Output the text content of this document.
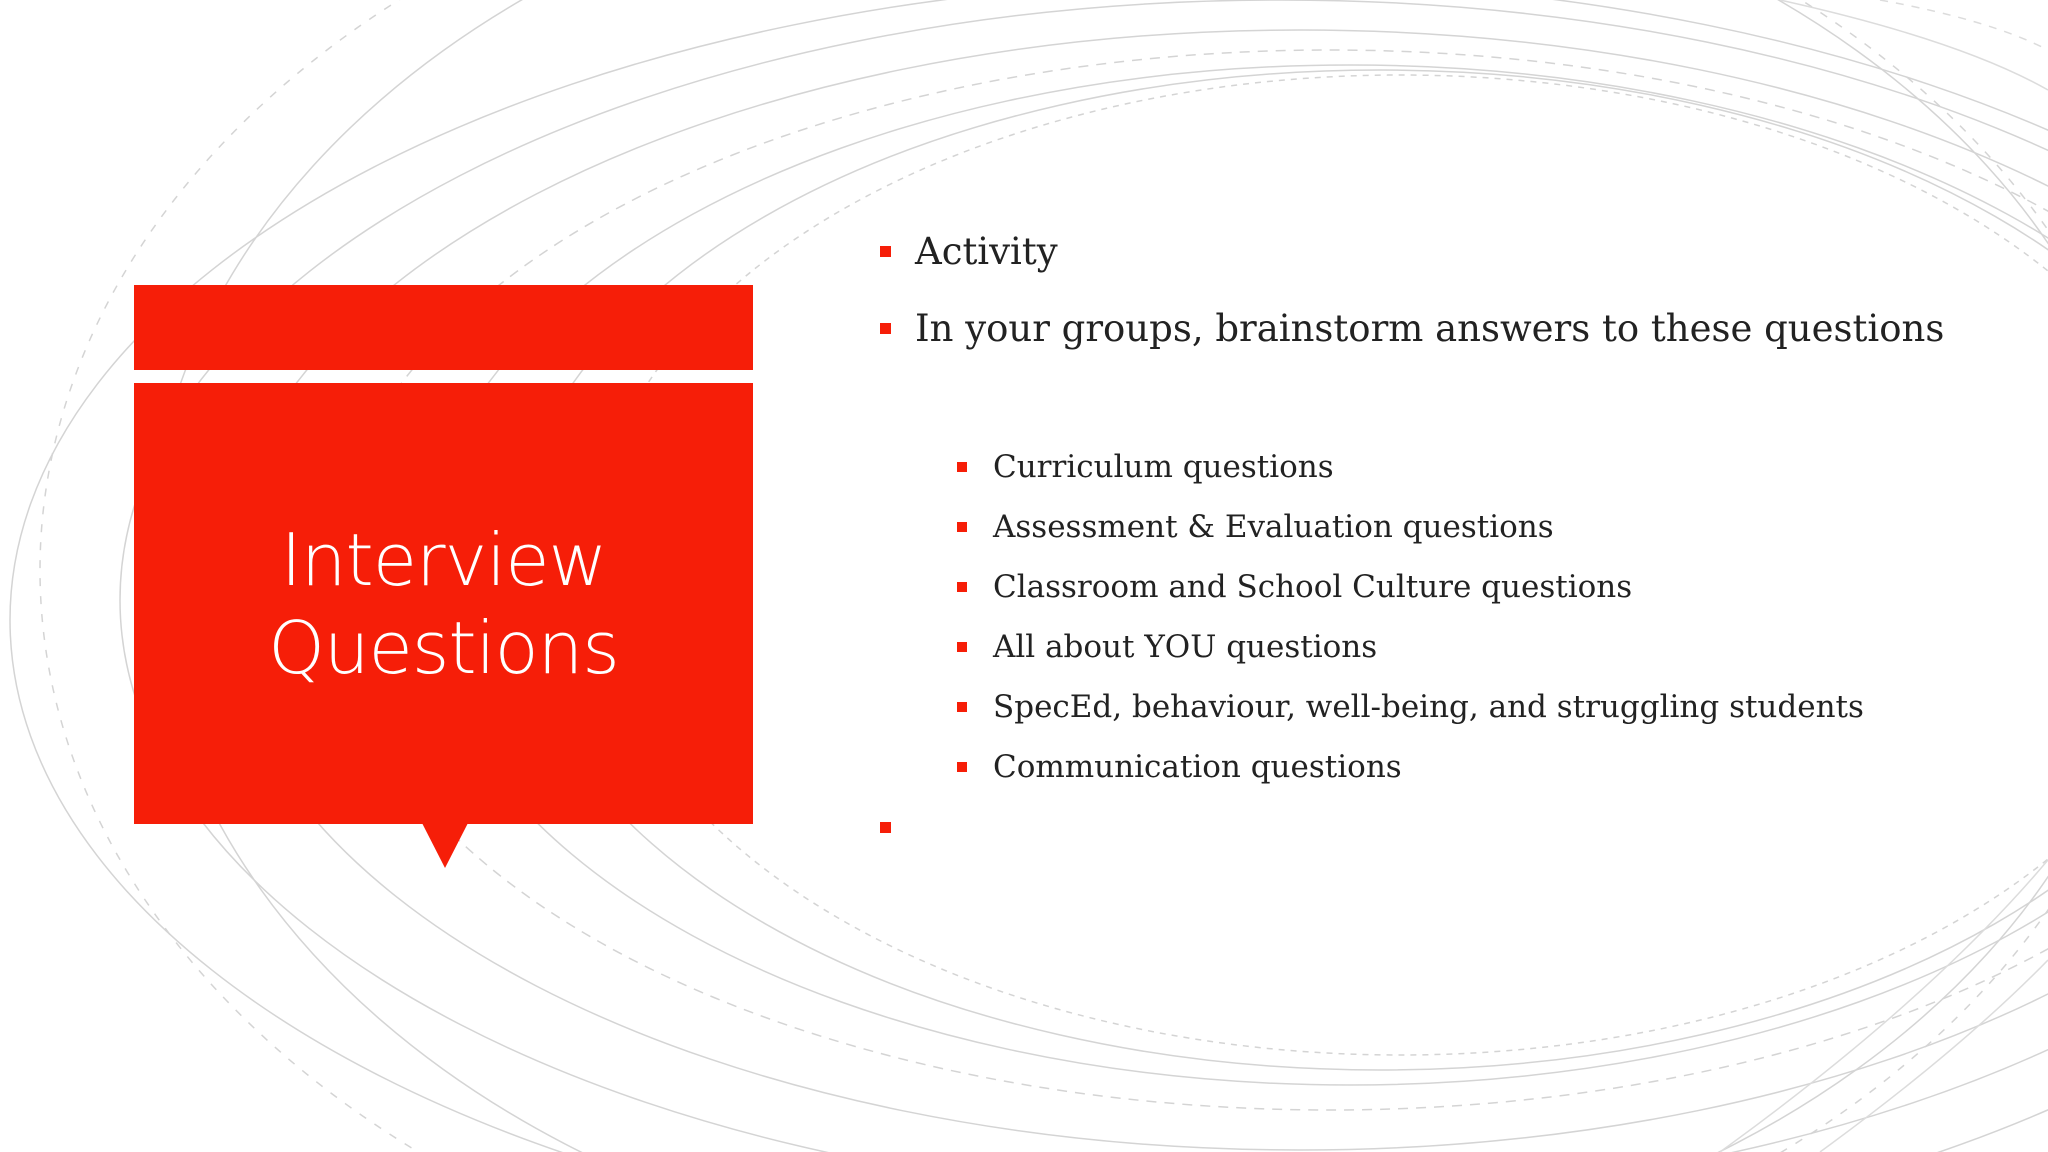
Interview
Questions
Activity
In your groups, brainstorm answers to these questions
Curriculum questions
Assessment & Evaluation questions
Classroom and School Culture questions
All about YOU questions
SpecEd, behaviour, well-being, and struggling students
Communication questions
